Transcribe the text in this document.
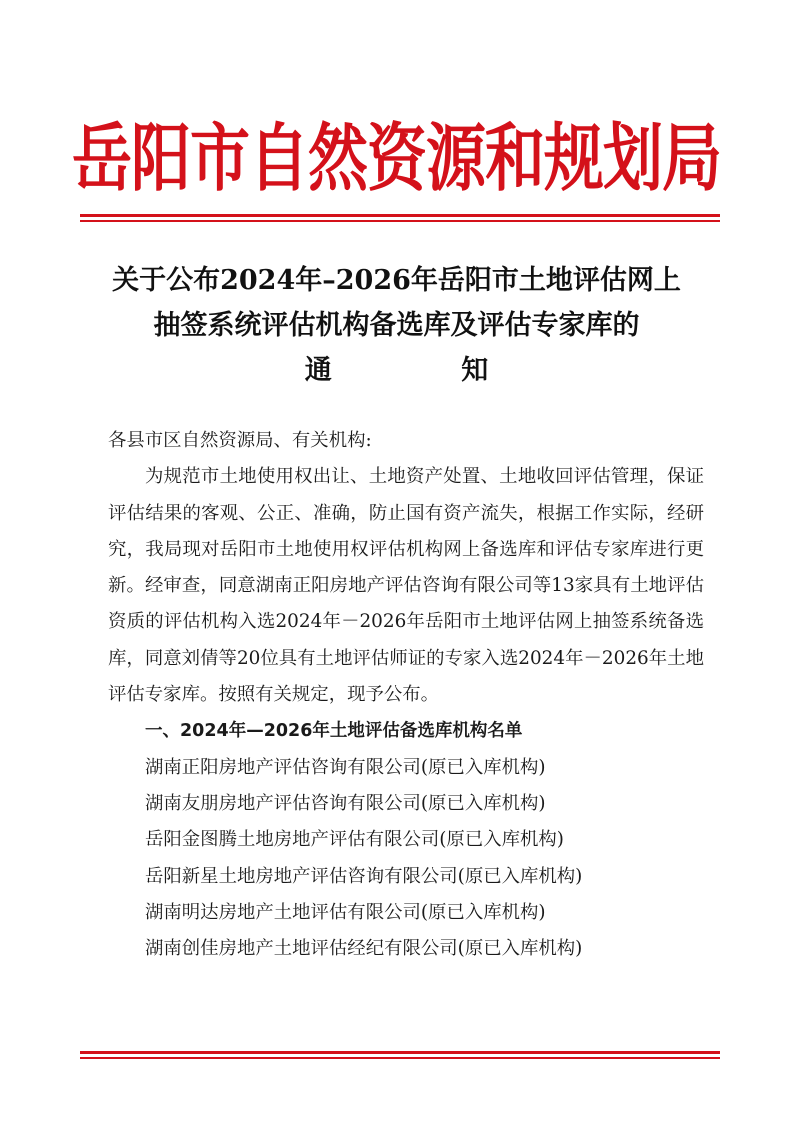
岳阳市自然资源和规划局
关于公布2024年–2026年岳阳市土地评估网上
抽签系统评估机构备选库及评估专家库的
通 知
各县市区自然资源局、有关机构:
为规范市土地使用权出让、土地资产处置、土地收回评估管理，保证评估结果的客观、公正、准确，防止国有资产流失，根据工作实际，经研究，我局现对岳阳市土地使用权评估机构网上备选库和评估专家库进行更新。经审查，同意湖南正阳房地产评估咨询有限公司等13家具有土地评估资质的评估机构入选2024年－2026年岳阳市土地评估网上抽签系统备选库，同意刘倩等20位具有土地评估师证的专家入选2024年－2026年土地评估专家库。按照有关规定，现予公布。
一、2024年—2026年土地评估备选库机构名单
湖南正阳房地产评估咨询有限公司(原已入库机构)
湖南友朋房地产评估咨询有限公司(原已入库机构)
岳阳金图腾土地房地产评估有限公司(原已入库机构)
岳阳新星土地房地产评估咨询有限公司(原已入库机构)
湖南明达房地产土地评估有限公司(原已入库机构)
湖南创佳房地产土地评估经纪有限公司(原已入库机构)
